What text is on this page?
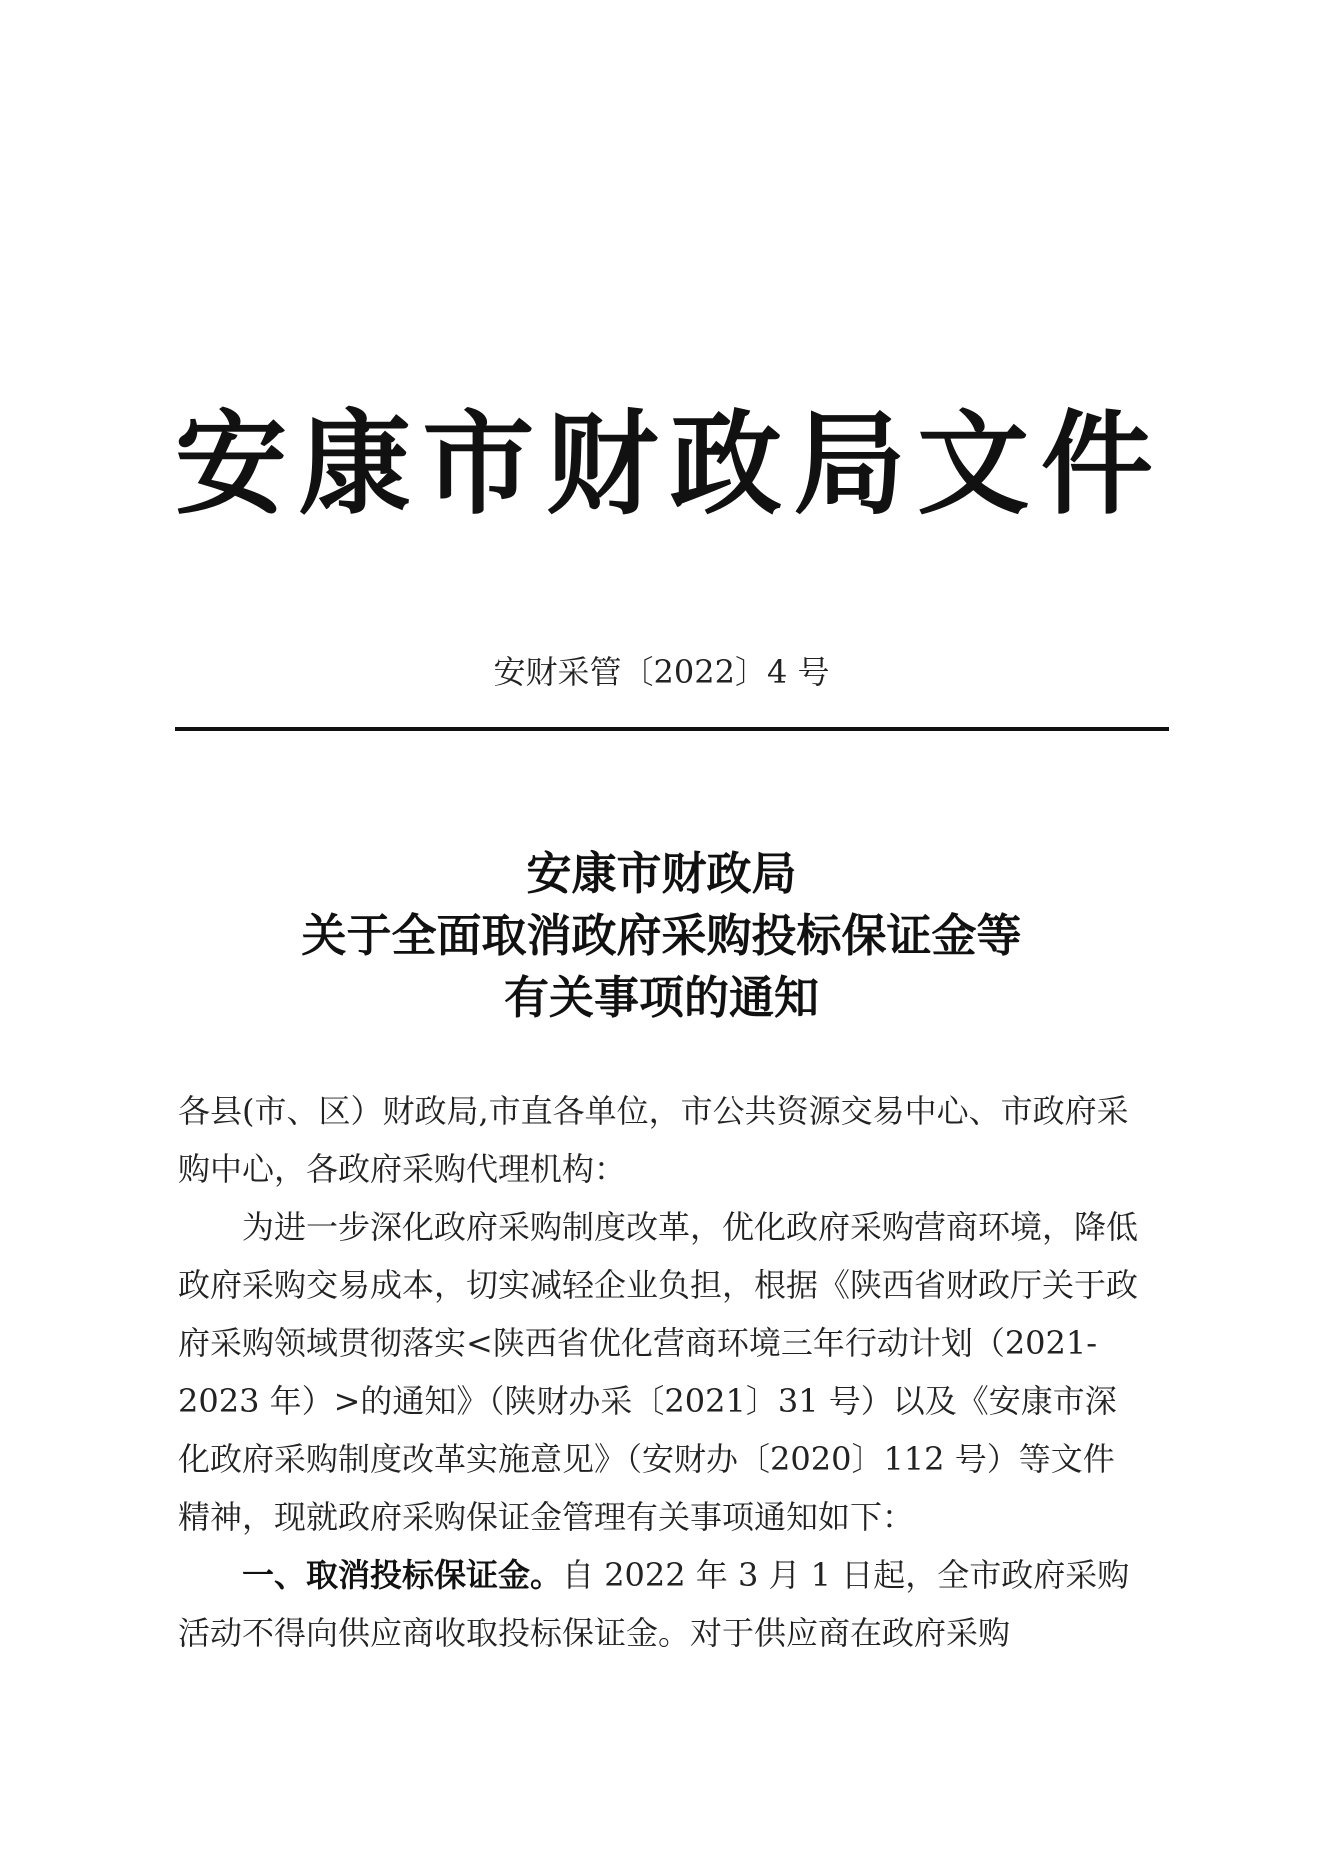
安 康 市 财 政 局 文 件
安财采管〔2022〕4 号
安康市财政局
关于全面取消政府采购投标保证金等
有关事项的通知

各县(市、区）财政局,市直各单位，市公共资源交易中心、市政府采购中心，各政府采购代理机构：

为进一步深化政府采购制度改革，优化政府采购营商环境，降低政府采购交易成本，切实减轻企业负担，根据《陕西省财政厅关于政府采购领域贯彻落实<陕西省优化营商环境三年行动计划（2021-2023 年）>的通知》（陕财办采〔2021〕31 号）以及《安康市深化政府采购制度改革实施意见》（安财办〔2020〕112 号）等文件精神，现就政府采购保证金管理有关事项通知如下：

一、取消投标保证金。自 2022 年 3 月 1 日起，全市政府采购活动不得向供应商收取投标保证金。对于供应商在政府采购
